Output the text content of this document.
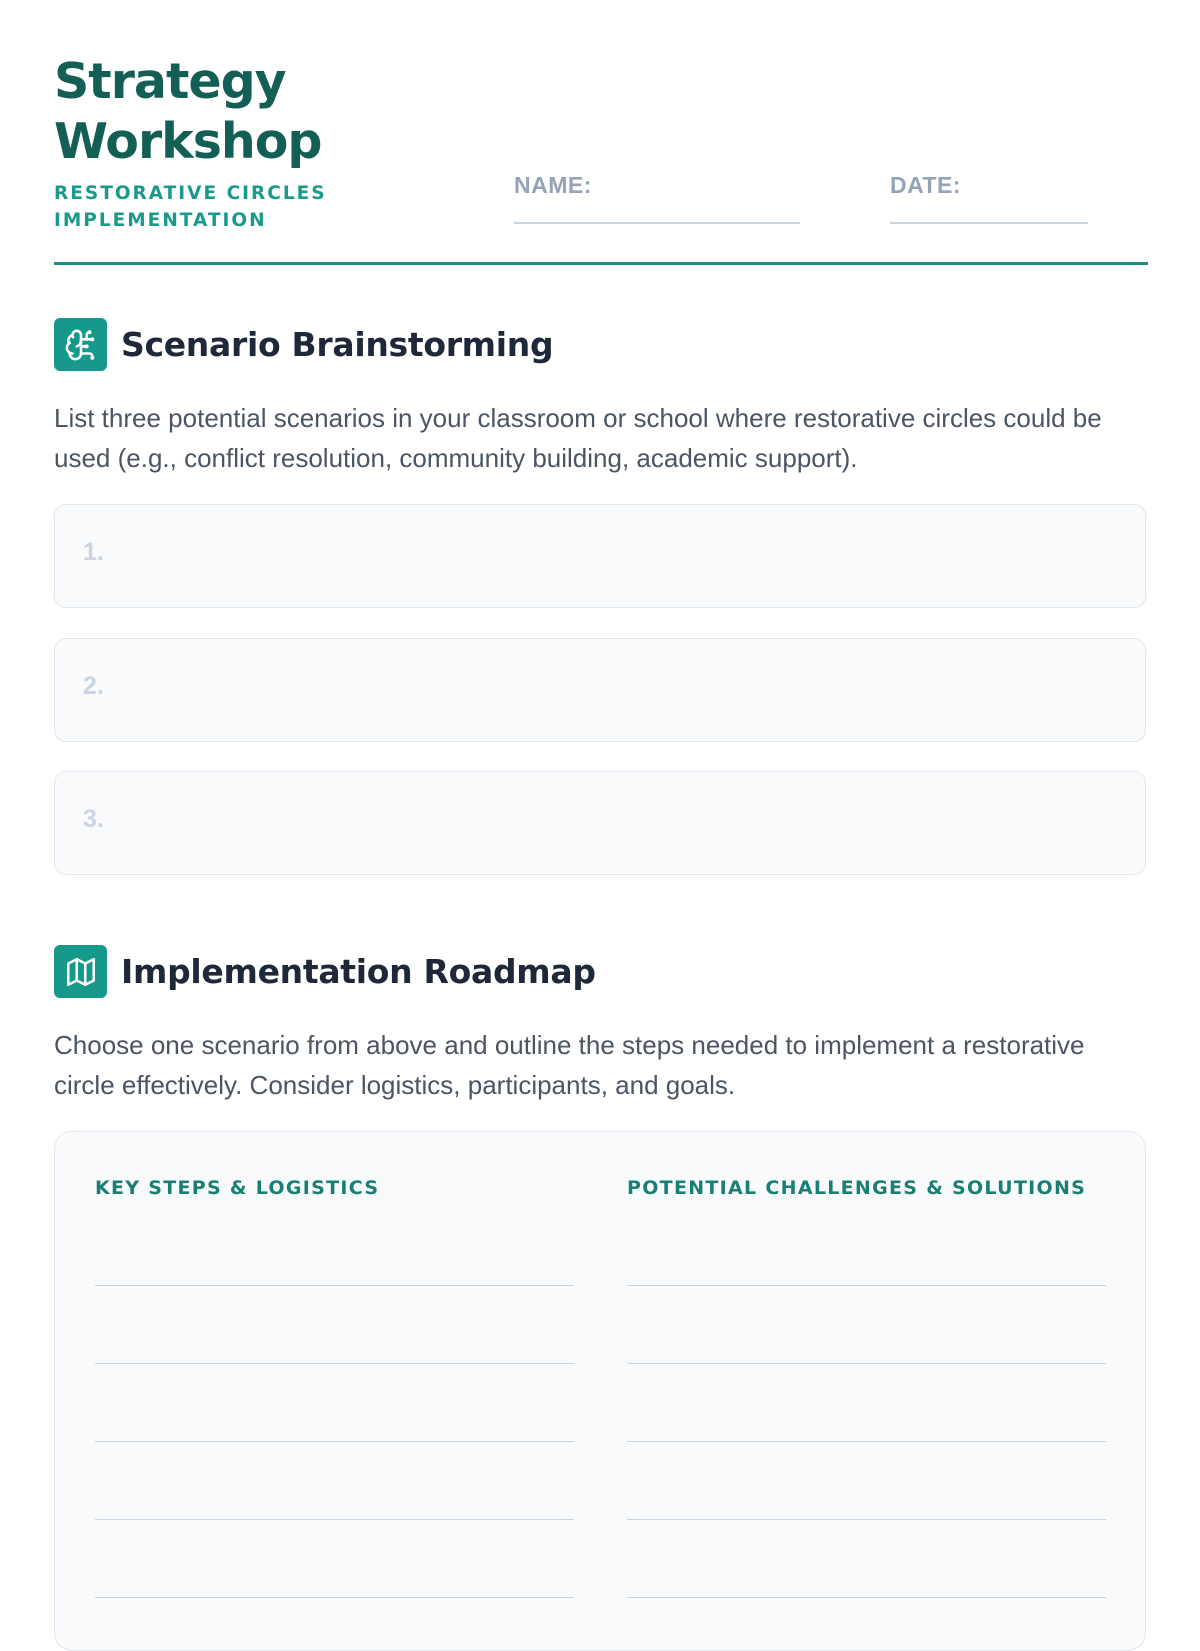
Strategy
Workshop
RESTORATIVE CIRCLES
IMPLEMENTATION
NAME:	DATE:
Scenario Brainstorming

List three potential scenarios in your classroom or school where restorative circles could be used (e.g., conflict resolution, community building, academic support).

1.
2.
3.
Implementation Roadmap

Choose one scenario from above and outline the steps needed to implement a restorative circle effectively. Consider logistics, participants, and goals.

KEY STEPS & LOGISTICS	POTENTIAL CHALLENGES & SOLUTIONS
